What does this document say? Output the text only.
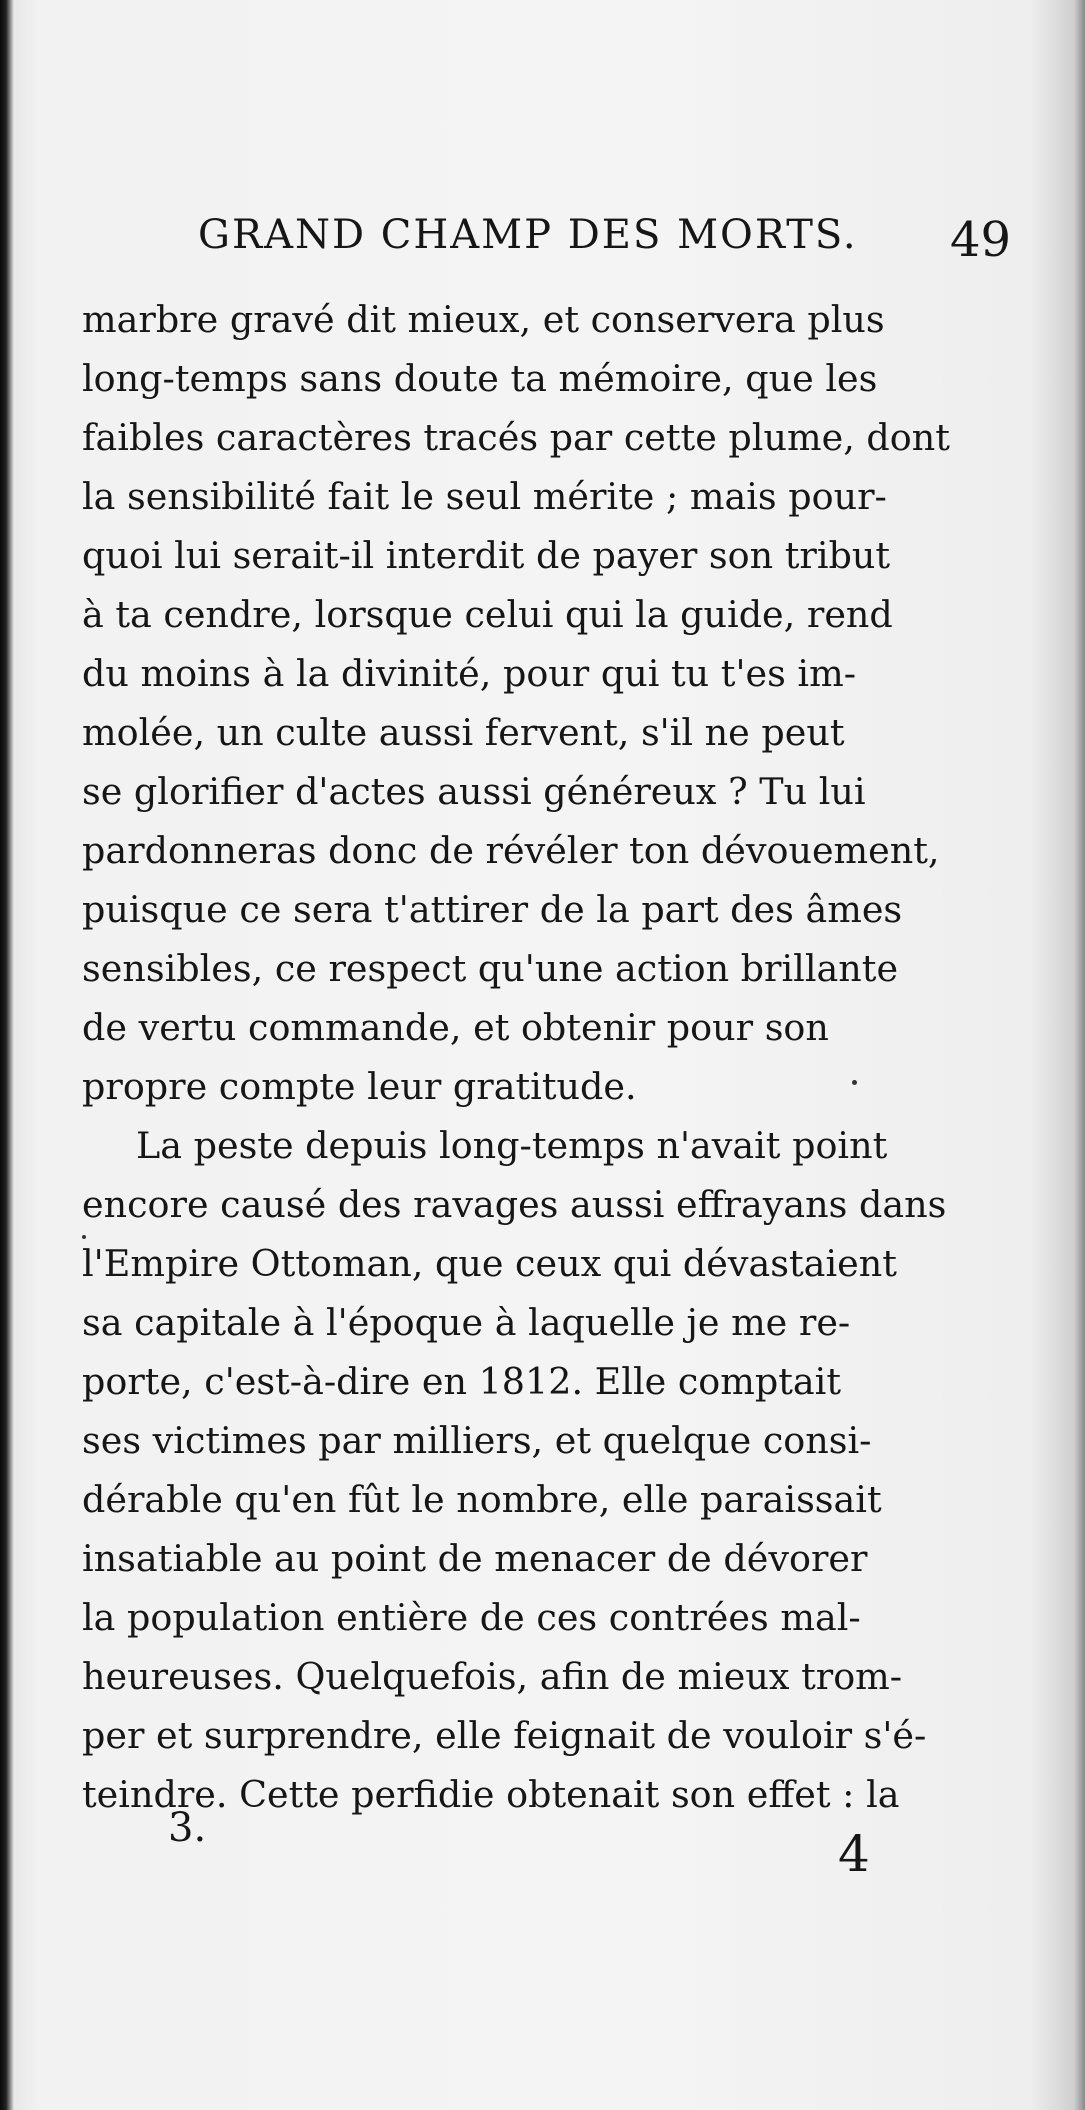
GRAND CHAMP DES MORTS. 49
marbre gravé dit mieux, et conservera plus
long-temps sans doute ta mémoire, que les
faibles caractères tracés par cette plume, dont
la sensibilité fait le seul mérite ; mais pour-
quoi lui serait-il interdit de payer son tribut
à ta cendre, lorsque celui qui la guide, rend
du moins à la divinité, pour qui tu t'es im-
molée, un culte aussi fervent, s'il ne peut
se glorifier d'actes aussi généreux ? Tu lui
pardonneras donc de révéler ton dévouement,
puisque ce sera t'attirer de la part des âmes
sensibles, ce respect qu'une action brillante
de vertu commande, et obtenir pour son
propre compte leur gratitude.
La peste depuis long-temps n'avait point
encore causé des ravages aussi effrayans dans
l'Empire Ottoman, que ceux qui dévastaient
sa capitale à l'époque à laquelle je me re-
porte, c'est-à-dire en 1812. Elle comptait
ses victimes par milliers, et quelque consi-
dérable qu'en fût le nombre, elle paraissait
insatiable au point de menacer de dévorer
la population entière de ces contrées mal-
heureuses. Quelquefois, afin de mieux trom-
per et surprendre, elle feignait de vouloir s'é-
teindre. Cette perfidie obtenait son effet : la
3.	4
